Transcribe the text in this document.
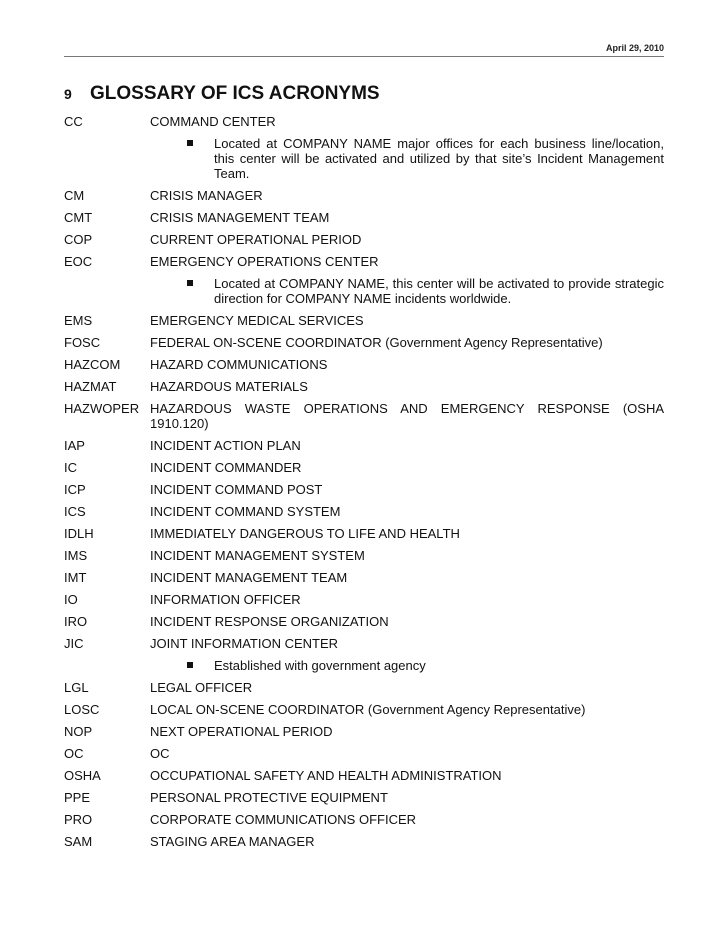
April 29, 2010
9 GLOSSARY OF ICS ACRONYMS
CC	COMMAND CENTER
Located at COMPANY NAME major offices for each business line/location, this center will be activated and utilized by that site’s Incident Management Team.
CM	CRISIS MANAGER
CMT	CRISIS MANAGEMENT TEAM
COP	CURRENT OPERATIONAL PERIOD
EOC	EMERGENCY OPERATIONS CENTER
Located at COMPANY NAME, this center will be activated to provide strategic direction for COMPANY NAME incidents worldwide.
EMS	EMERGENCY MEDICAL SERVICES
FOSC	FEDERAL ON-SCENE COORDINATOR (Government Agency Representative)
HAZCOM	HAZARD COMMUNICATIONS
HAZMAT	HAZARDOUS MATERIALS
HAZWOPER HAZARDOUS WASTE OPERATIONS AND EMERGENCY RESPONSE (OSHA 1910.120)
IAP	INCIDENT ACTION PLAN
IC	INCIDENT COMMANDER
ICP	INCIDENT COMMAND POST
ICS	INCIDENT COMMAND SYSTEM
IDLH	IMMEDIATELY DANGEROUS TO LIFE AND HEALTH
IMS	INCIDENT MANAGEMENT SYSTEM
IMT	INCIDENT MANAGEMENT TEAM
IO	INFORMATION OFFICER
IRO	INCIDENT RESPONSE ORGANIZATION
JIC	JOINT INFORMATION CENTER
Established with government agency
LGL	LEGAL OFFICER
LOSC	LOCAL ON-SCENE COORDINATOR (Government Agency Representative)
NOP	NEXT OPERATIONAL PERIOD
OC	OC
OSHA	OCCUPATIONAL SAFETY AND HEALTH ADMINISTRATION
PPE	PERSONAL PROTECTIVE EQUIPMENT
PRO	CORPORATE COMMUNICATIONS OFFICER
SAM	STAGING AREA MANAGER
